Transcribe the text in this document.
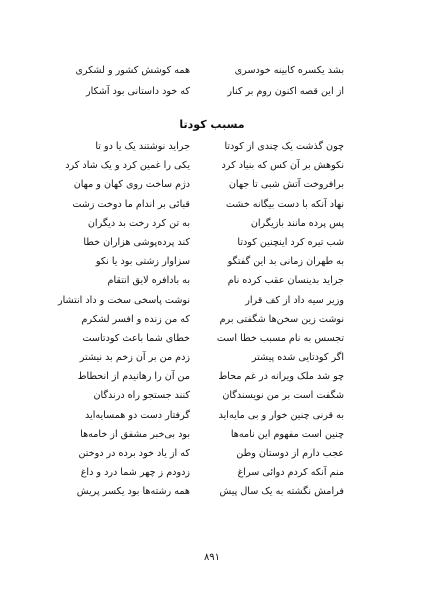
بشد یکسره کابینه خودسری
همه کوشش کشور و لشکری
از این قصه اکنون روم بر کنار
که خود داستانی بود آشکار
مسبب کودتا
چون گذشت یک چندی از کودتا
جراید نوشتند یک یا دو تا
نکوهش بر آن کس که بنیاد کرد
یکی را غمین کرد و یک شاد کرد
برافروخت آتش شبی تا جهان
دژم ساخت روی کهان و مهان
نهاد آنکه با دست بیگانه خشت
قبائی بر اندام ما دوخت زشت
پس پرده مانند بازیگران
به تن کرد رخت بد دیگران
شب تیره کرد اینچنین کودتا
کند پرده‌پوشی هزاران خطا
به طهران زمانی بد این گفتگو
سزاوار زشتی بود یا نکو
جراید بدینسان عقب کرده نام
به بادافره لایق انتقام
وزیر سیه داد از کف قرار
نوشت پاسخی سخت و داد انتشار
نوشت زین سخن‌ها شگفتی برم
که من زنده و افسر لشکرم
تجسس به نام مسبب خطا است
خطای شما باعث کودتاست
اگر کودتایی شده پیشتر
زدم من بر آن زخم بد نیشتر
چو شد ملک ویرانه در غم محاط
من آن را رهانیدم از انحطاط
شگفت است بر من نویسندگان
کنند جستجو راه درندگان
به قرنی چنین خوار و بی مایه‌اید
گرفتار دست دو همسایه‌اید
چنین است مفهوم این نامه‌ها
بود بی‌خبر مشفق از خامه‌ها
عجب دارم از دوستان وطن
که از یاد خود برده در دوختن
منم آنکه کردم دوائی سراغ
زدودم ز چهر شما درد و داغ
فرامش نگشته به یک سال پیش
همه رشته‌ها بود یکسر پریش
۸۹۱
